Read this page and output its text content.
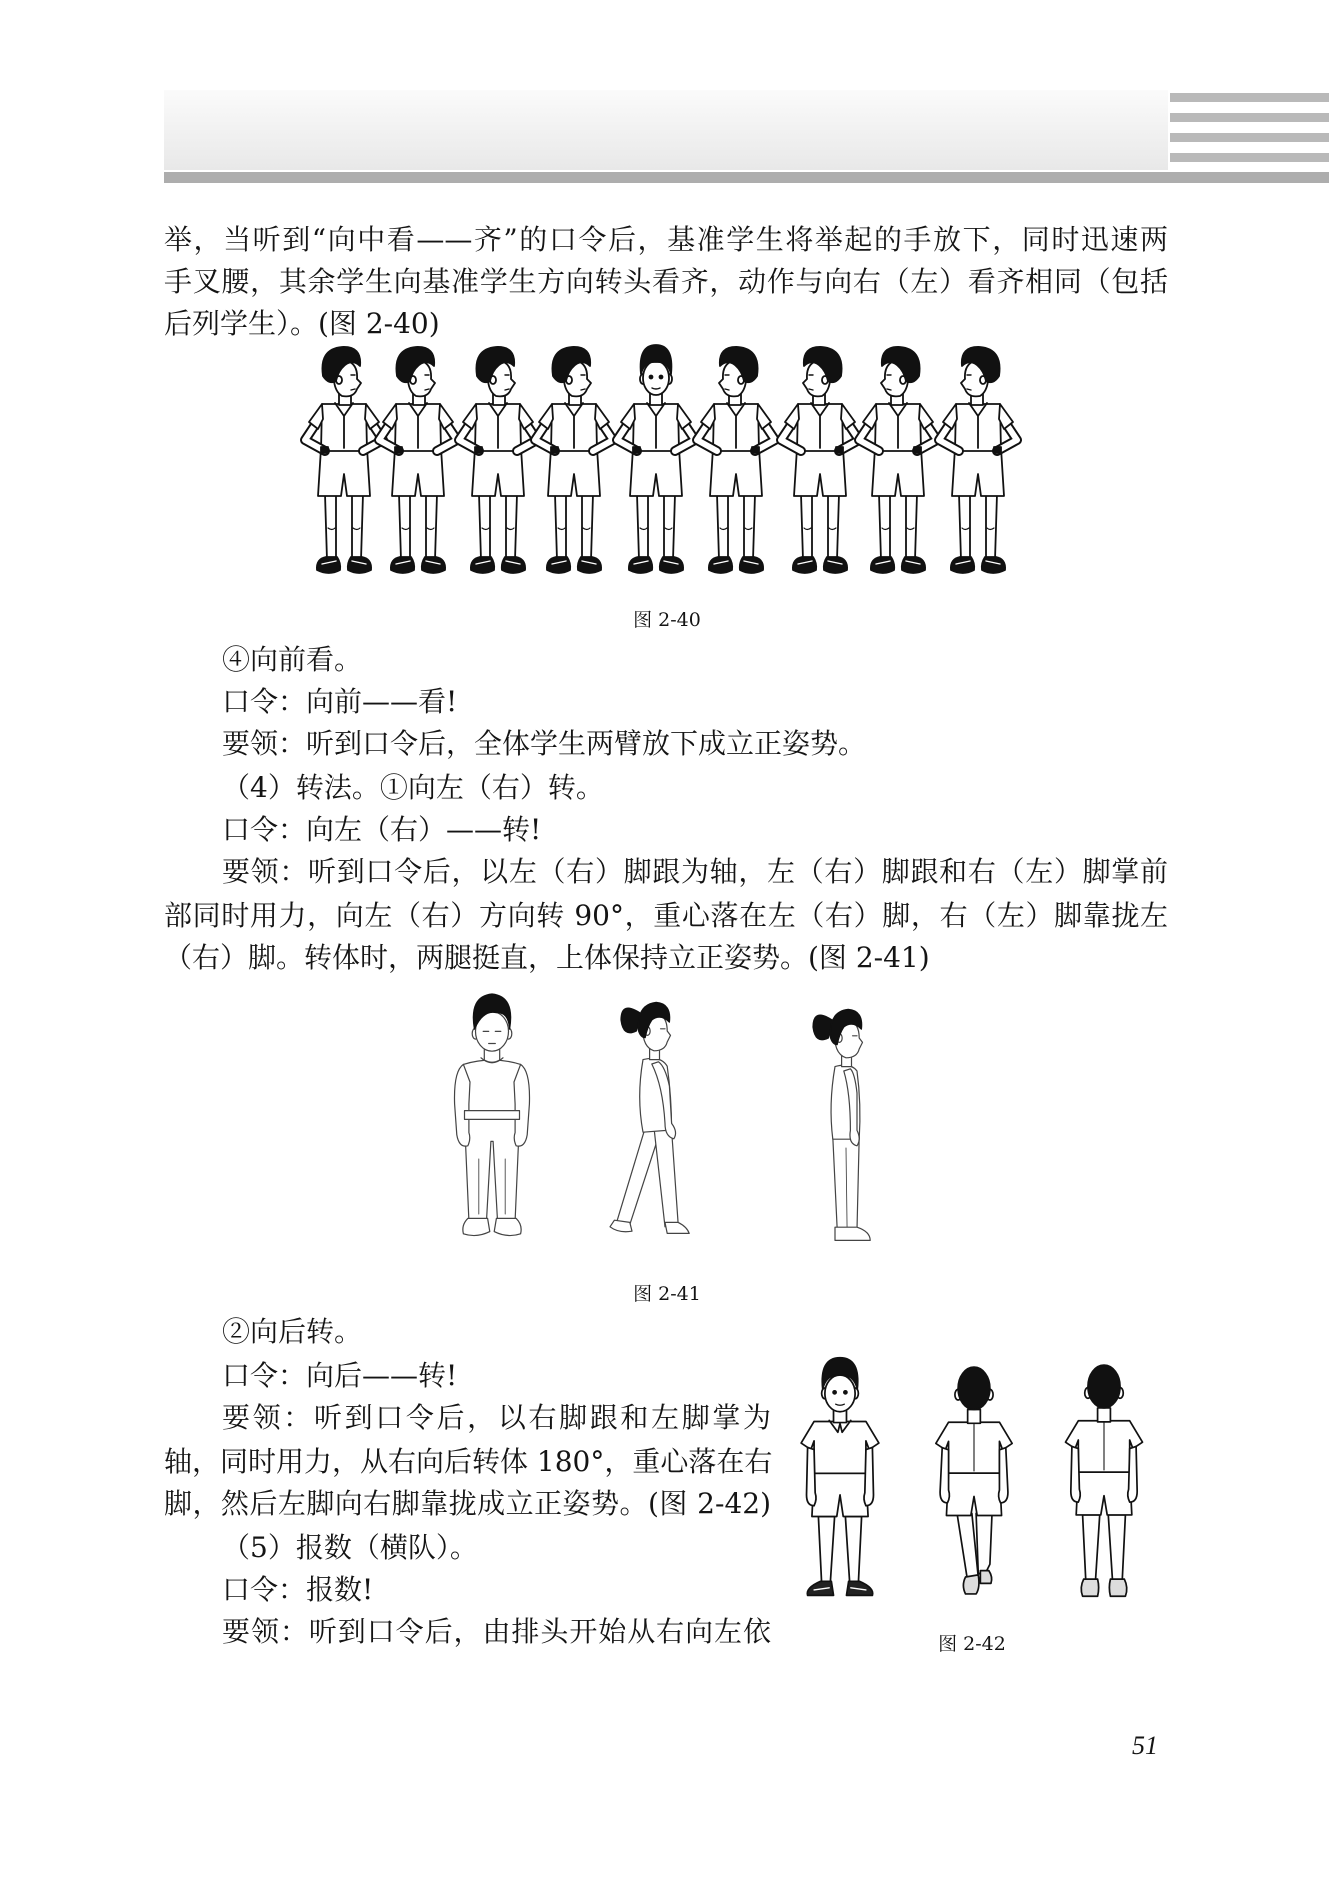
举，当听到“向中看——齐”的口令后，基准学生将举起的手放下，同时迅速两
手叉腰，其余学生向基准学生方向转头看齐，动作与向右（左）看齐相同（包括
后列学生）。(图 2-40)
图 2-40
④向前看。
口令：向前——看!
要领：听到口令后，全体学生两臂放下成立正姿势。
（4）转法。①向左（右）转。
口令：向左（右）——转!
要领：听到口令后，以左（右）脚跟为轴，左（右）脚跟和右（左）脚掌前
部同时用力，向左（右）方向转 90°，重心落在左（右）脚，右（左）脚靠拢左
（右）脚。转体时，两腿挺直，上体保持立正姿势。(图 2-41)
图 2-41
②向后转。
口令：向后——转!
要领：听到口令后，以右脚跟和左脚掌为
轴，同时用力，从右向后转体 180°，重心落在右
脚，然后左脚向右脚靠拢成立正姿势。(图 2-42)
（5）报数（横队）。
口令：报数!
要领：听到口令后，由排头开始从右向左依	图 2-42
51
